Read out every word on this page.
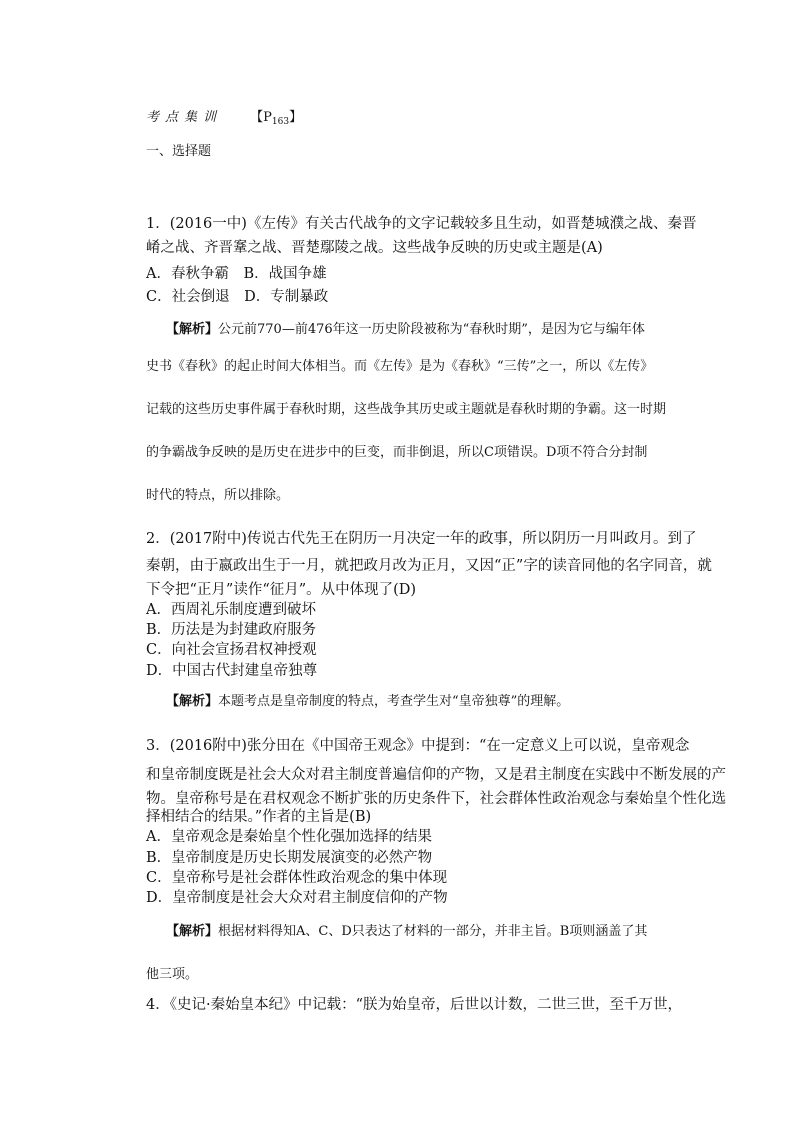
考点集训 【$P_{163}$】
一、选择题
1．(2016一中)《左传》有关古代战争的文字记载较多且生动，如晋楚城濮之战、秦晋
崤之战、齐晋鞌之战、晋楚鄢陵之战。这些战争反映的历史或主题是(A)
A．春秋争霸　B．战国争雄
C．社会倒退　D．专制暴政
【解析】公元前770—前476年这一历史阶段被称为“春秋时期”，是因为它与编年体
史书《春秋》的起止时间大体相当。而《左传》是为《春秋》“三传”之一，所以《左传》
记载的这些历史事件属于春秋时期，这些战争其历史或主题就是春秋时期的争霸。这一时期
的争霸战争反映的是历史在进步中的巨变，而非倒退，所以C项错误。D项不符合分封制
时代的特点，所以排除。
2．(2017附中)传说古代先王在阴历一月决定一年的政事，所以阴历一月叫政月。到了
秦朝，由于嬴政出生于一月，就把政月改为正月，又因“正”字的读音同他的名字同音，就
下令把“正月”读作“征月”。从中体现了(D)
A．西周礼乐制度遭到破坏
B．历法是为封建政府服务
C．向社会宣扬君权神授观
D．中国古代封建皇帝独尊
【解析】本题考点是皇帝制度的特点，考查学生对“皇帝独尊”的理解。
3．(2016附中)张分田在《中国帝王观念》中提到：“在一定意义上可以说，皇帝观念
和皇帝制度既是社会大众对君主制度普遍信仰的产物，又是君主制度在实践中不断发展的产
物。皇帝称号是在君权观念不断扩张的历史条件下，社会群体性政治观念与秦始皇个性化选
择相结合的结果。”作者的主旨是(B)
A．皇帝观念是秦始皇个性化强加选择的结果
B．皇帝制度是历史长期发展演变的必然产物
C．皇帝称号是社会群体性政治观念的集中体现
D．皇帝制度是社会大众对君主制度信仰的产物
【解析】根据材料得知A、C、D只表达了材料的一部分，并非主旨。B项则涵盖了其
他三项。
4．《史记·秦始皇本纪》中记载：“朕为始皇帝，后世以计数，二世三世，至千万世，
